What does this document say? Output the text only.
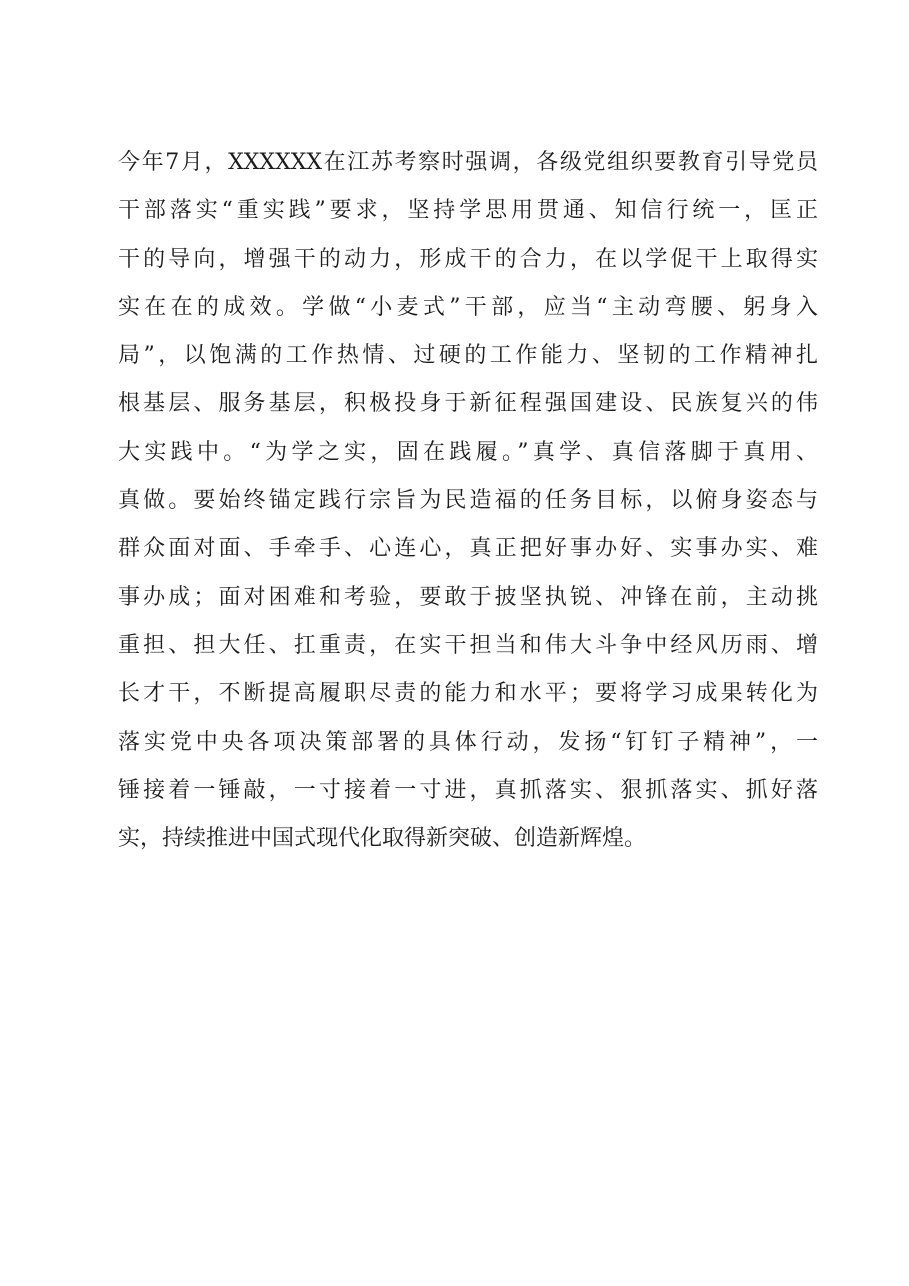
今年7月，XXXXXX在江苏考察时强调，各级党组织要教育引导党员
干部落实“重实践”要求，坚持学思用贯通、知信行统一，匡正
干的导向，增强干的动力，形成干的合力，在以学促干上取得实
实在在的成效。学做“小麦式”干部，应当“主动弯腰、躬身入
局”，以饱满的工作热情、过硬的工作能力、坚韧的工作精神扎
根基层、服务基层，积极投身于新征程强国建设、民族复兴的伟
大实践中。“为学之实，固在践履。”真学、真信落脚于真用、
真做。要始终锚定践行宗旨为民造福的任务目标，以俯身姿态与
群众面对面、手牵手、心连心，真正把好事办好、实事办实、难
事办成；面对困难和考验，要敢于披坚执锐、冲锋在前，主动挑
重担、担大任、扛重责，在实干担当和伟大斗争中经风历雨、增
长才干，不断提高履职尽责的能力和水平；要将学习成果转化为
落实党中央各项决策部署的具体行动，发扬“钉钉子精神”，一
锤接着一锤敲，一寸接着一寸进，真抓落实、狠抓落实、抓好落
实，持续推进中国式现代化取得新突破、创造新辉煌。
